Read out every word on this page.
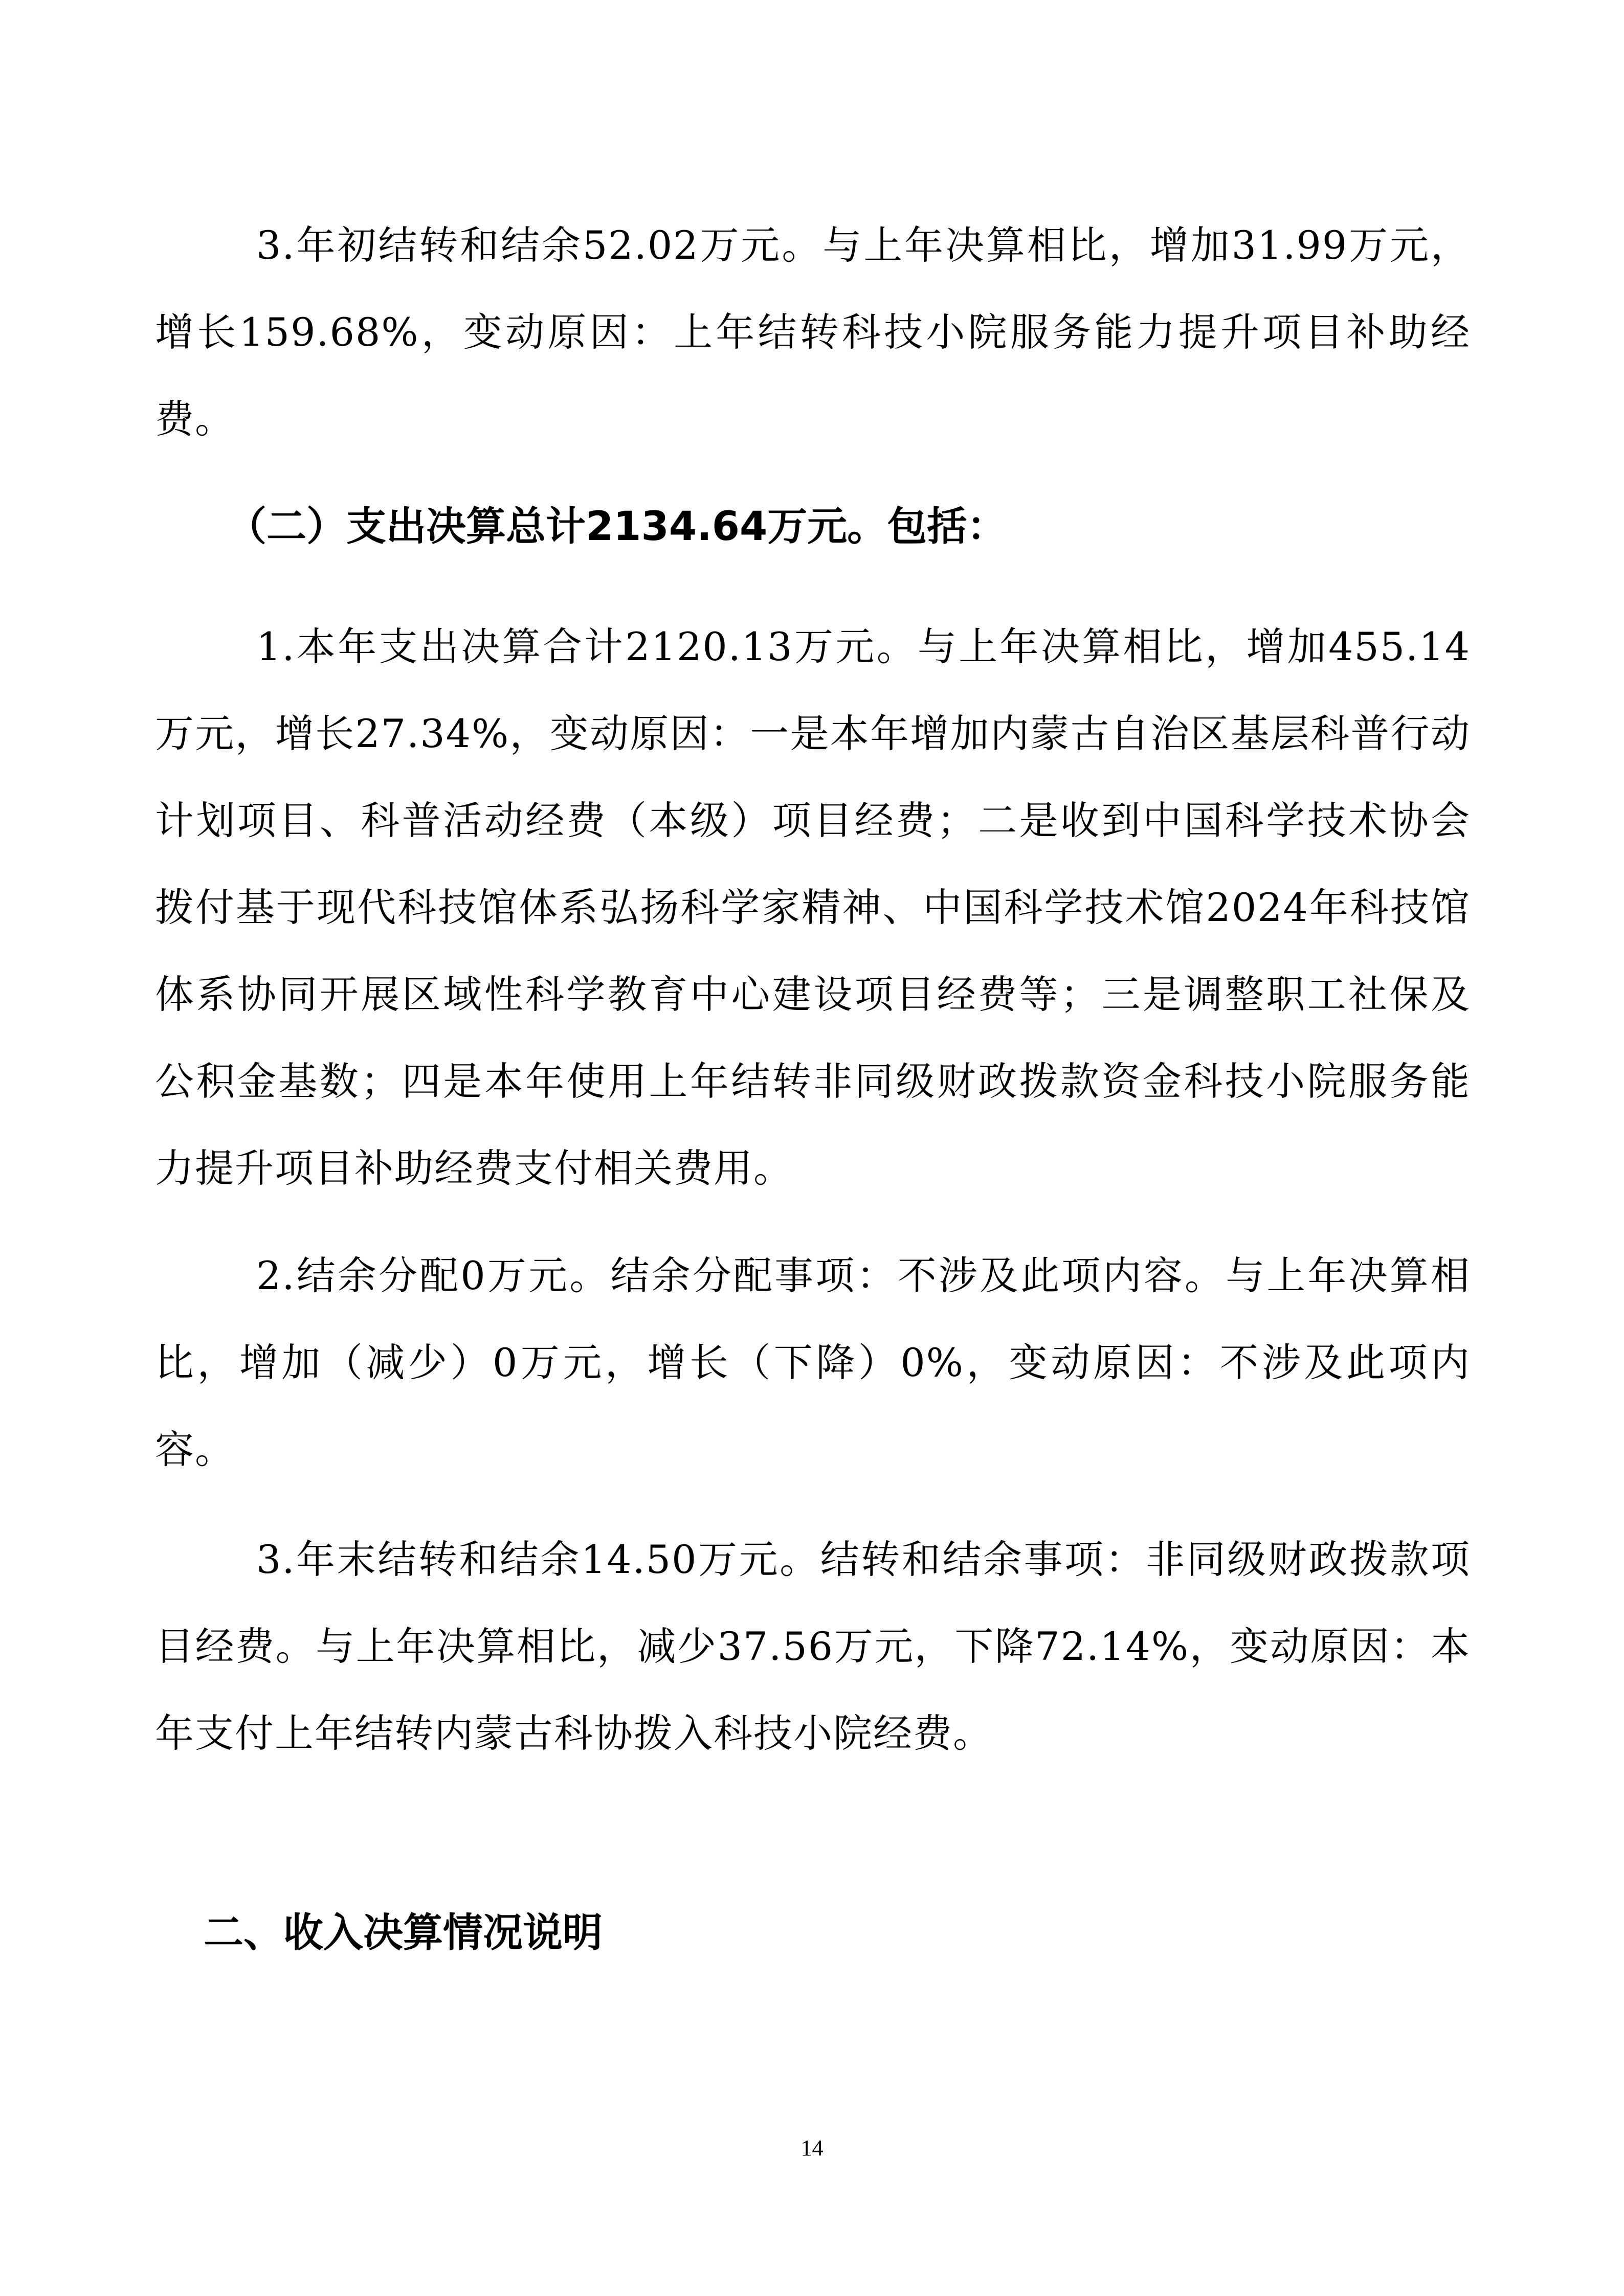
3.年初结转和结余52.02万元。与上年决算相比，增加31.99万元，增长159.68%，变动原因：上年结转科技小院服务能力提升项目补助经费。

（二）支出决算总计2134.64万元。包括：

1.本年支出决算合计2120.13万元。与上年决算相比，增加455.14万元，增长27.34%，变动原因：一是本年增加内蒙古自治区基层科普行动计划项目、科普活动经费（本级）项目经费；二是收到中国科学技术协会拨付基于现代科技馆体系弘扬科学家精神、中国科学技术馆2024年科技馆体系协同开展区域性科学教育中心建设项目经费等；三是调整职工社保及公积金基数；四是本年使用上年结转非同级财政拨款资金科技小院服务能力提升项目补助经费支付相关费用。

2.结余分配0万元。结余分配事项：不涉及此项内容。与上年决算相比，增加（减少）0万元，增长（下降）0%，变动原因：不涉及此项内容。

3.年末结转和结余14.50万元。结转和结余事项：非同级财政拨款项目经费。与上年决算相比，减少37.56万元，下降72.14%，变动原因：本年支付上年结转内蒙古科协拨入科技小院经费。

二、收入决算情况说明

14
